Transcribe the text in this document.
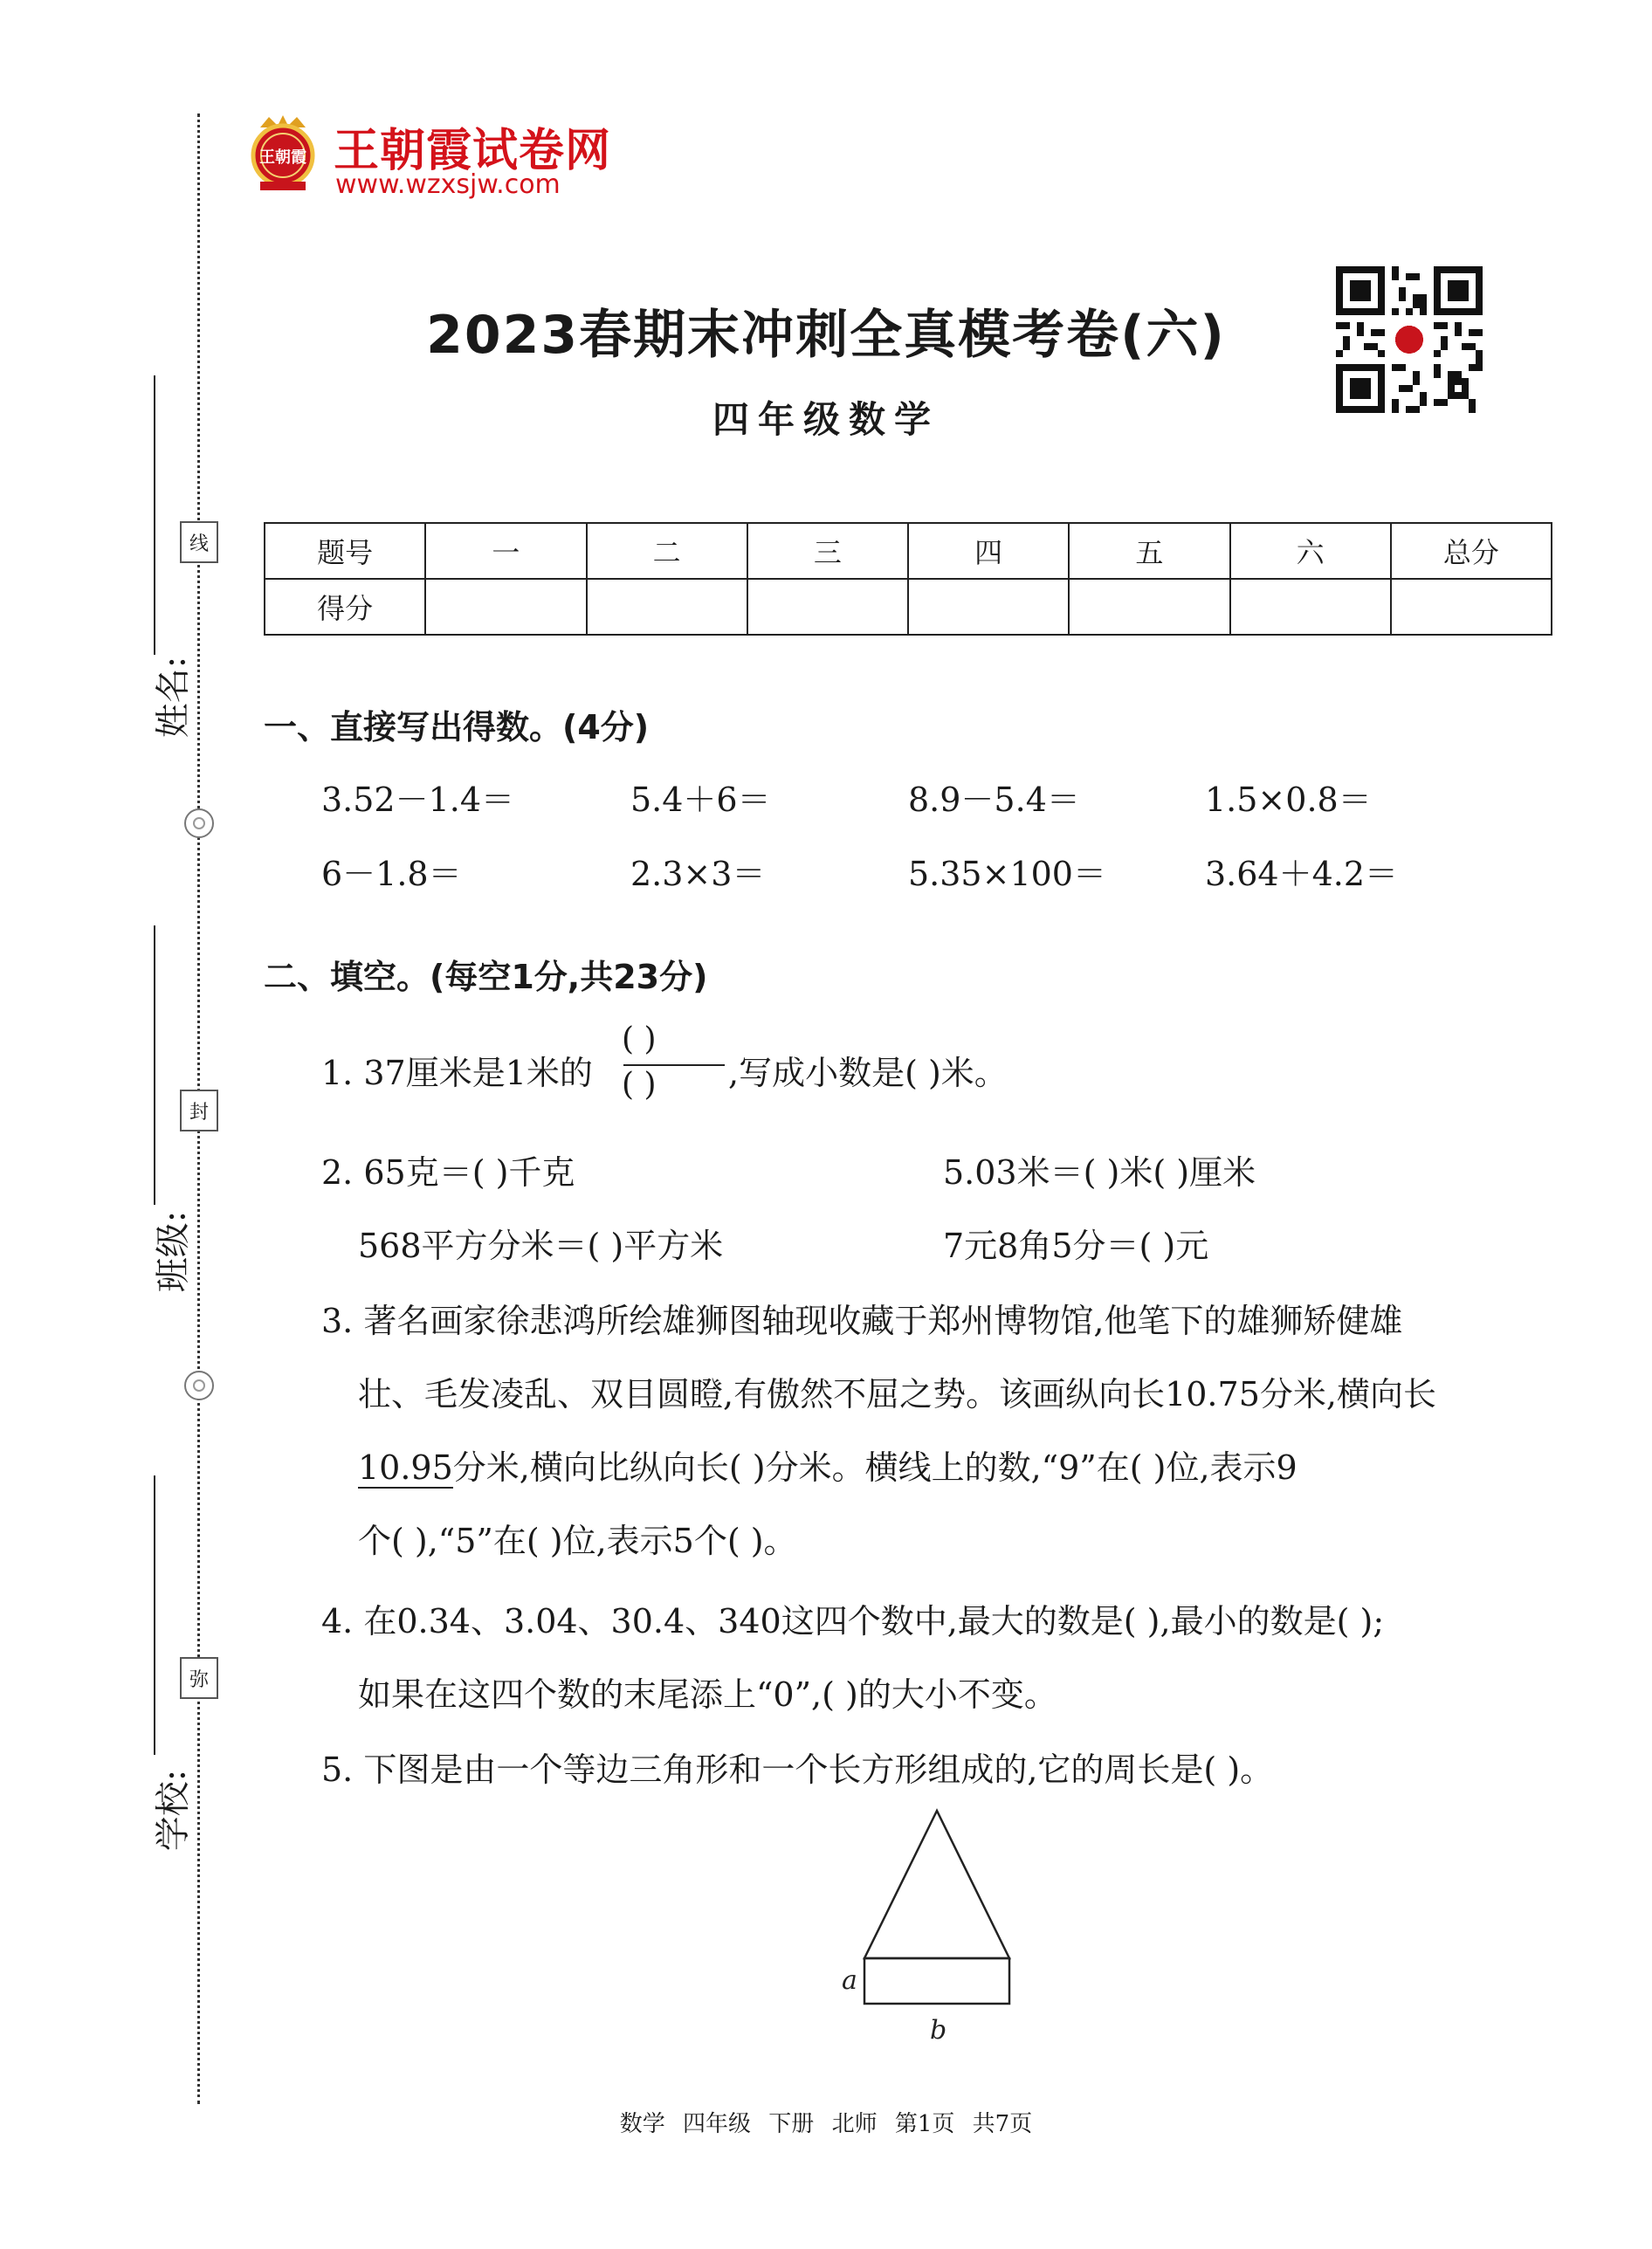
线
封
弥
姓名:
班级:
学校:
王朝霞 王朝霞试卷网
www.wzxsjw.com
2023春期末冲刺全真模考卷(六)
四年级数学
题号	一	二	三	四	五	六	总分
得分							
一、直接写出得数。(4分)
3.52－1.4＝	5.4＋6＝	8.9－5.4＝	1.5×0.8＝
6－1.8＝	2.3×3＝	5.35×100＝	3.64＋4.2＝
二、填空。(每空1分,共23分)
1. 37厘米是1米的
( )
( )	,写成小数是( )米。
2. 65克＝( )千克	5.03米＝( )米( )厘米
568平方分米＝( )平方米	7元8角5分＝( )元
3. 著名画家徐悲鸿所绘雄狮图轴现收藏于郑州博物馆,他笔下的雄狮矫健雄
壮、毛发凌乱、双目圆瞪,有傲然不屈之势。该画纵向长10.75分米,横向长
10.95分米,横向比纵向长( )分米。横线上的数,“9”在( )位,表示9
个( ),“5”在( )位,表示5个( )。
4. 在0.34、3.04、30.4、340这四个数中,最大的数是( ),最小的数是( );
如果在这四个数的末尾添上“0”,( )的大小不变。
5. 下图是由一个等边三角形和一个长方形组成的,它的周长是( )。
a
b
数学 四年级 下册 北师 第1页 共7页
